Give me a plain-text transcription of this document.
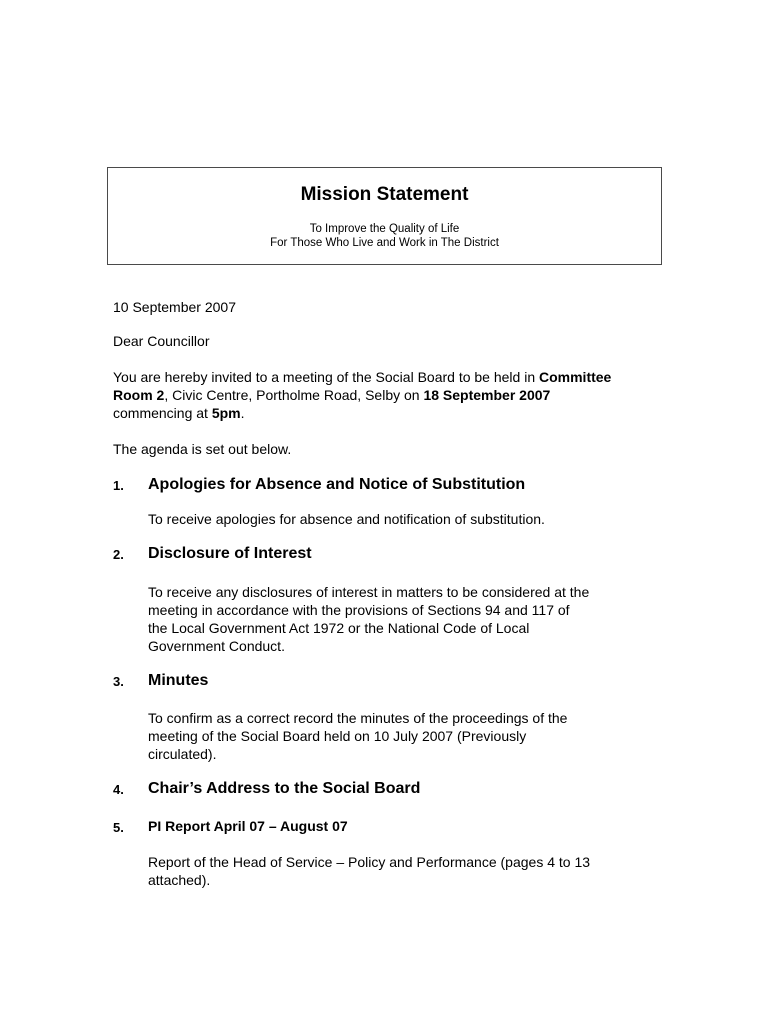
Mission Statement
To Improve the Quality of Life
For Those Who Live and Work in The District
10 September 2007
Dear Councillor
You are hereby invited to a meeting of the Social Board to be held in Committee
Room 2, Civic Centre, Portholme Road, Selby on 18 September 2007
commencing at 5pm.
The agenda is set out below.
1. Apologies for Absence and Notice of Substitution
To receive apologies for absence and notification of substitution.
2. Disclosure of Interest
To receive any disclosures of interest in matters to be considered at the
meeting in accordance with the provisions of Sections 94 and 117 of
the Local Government Act 1972 or the National Code of Local
Government Conduct.
3. Minutes
To confirm as a correct record the minutes of the proceedings of the
meeting of the Social Board held on 10 July 2007 (Previously
circulated).
4. Chair’s Address to the Social Board
5. PI Report April 07 – August 07
Report of the Head of Service – Policy and Performance (pages 4 to 13
attached).
